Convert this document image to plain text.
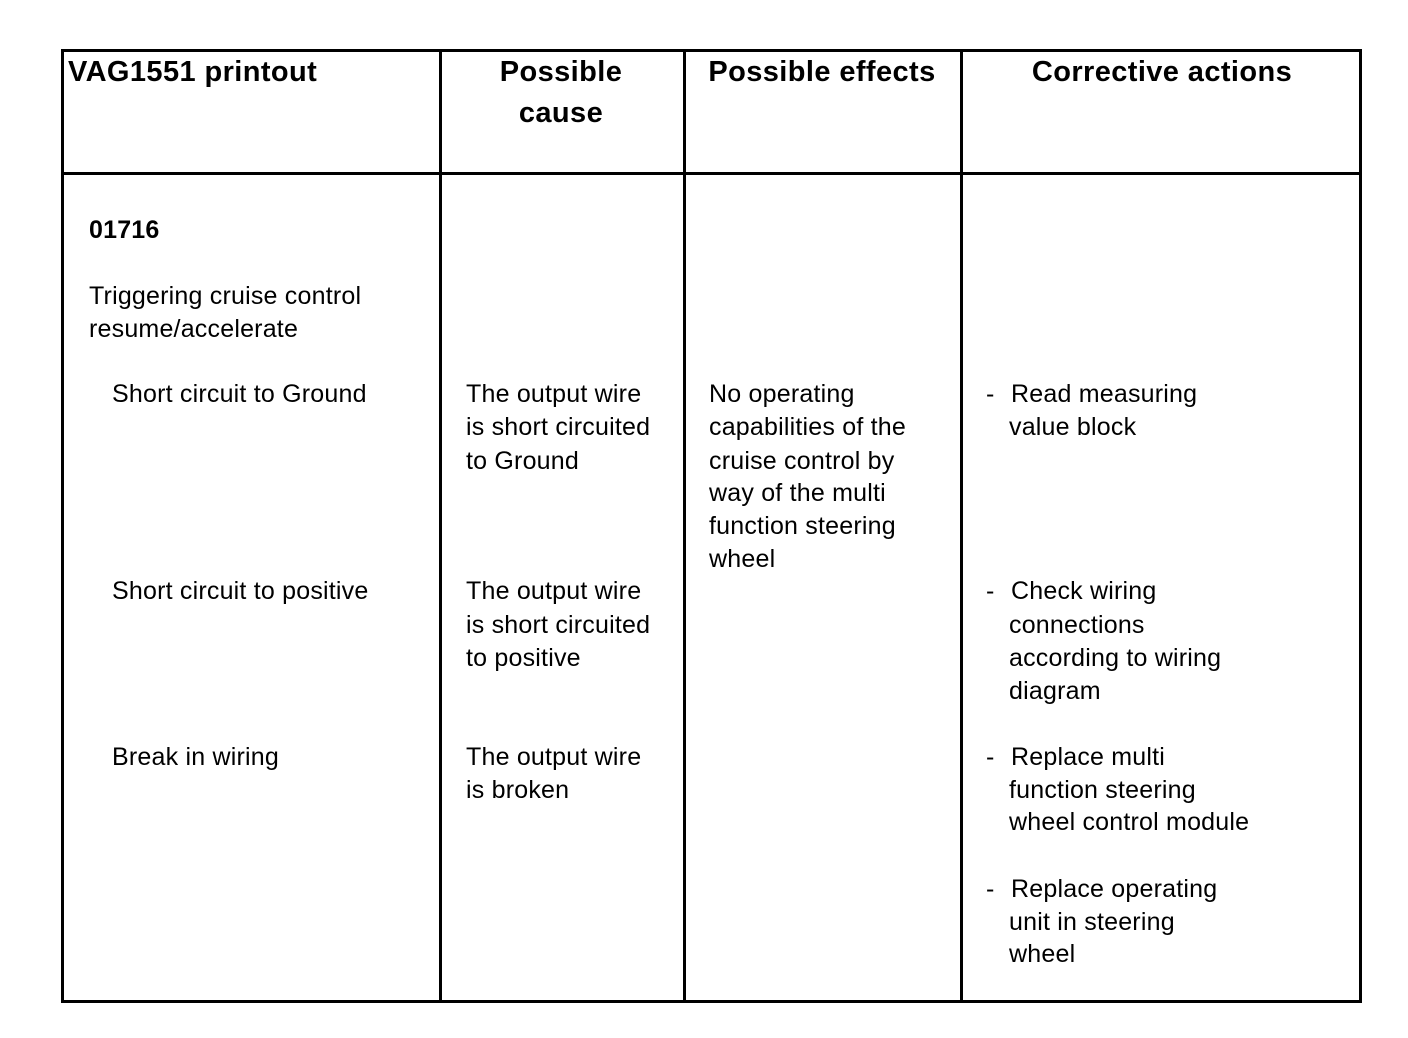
VAG1551 printout	Possible
cause
Possible effects	Corrective actions
01716
Triggering cruise control
resume/accelerate
Short circuit to Ground
Short circuit to positive
Break in wiring
The output wire
is short circuited
to Ground
The output wire
is short circuited
to positive
The output wire
is broken
No operating
capabilities of the
cruise control by
way of the multi
function steering
wheel
- Read measuring
value block
- Check wiring
connections
according to wiring
diagram
- Replace multi
function steering
wheel control module
- Replace operating
unit in steering
wheel
